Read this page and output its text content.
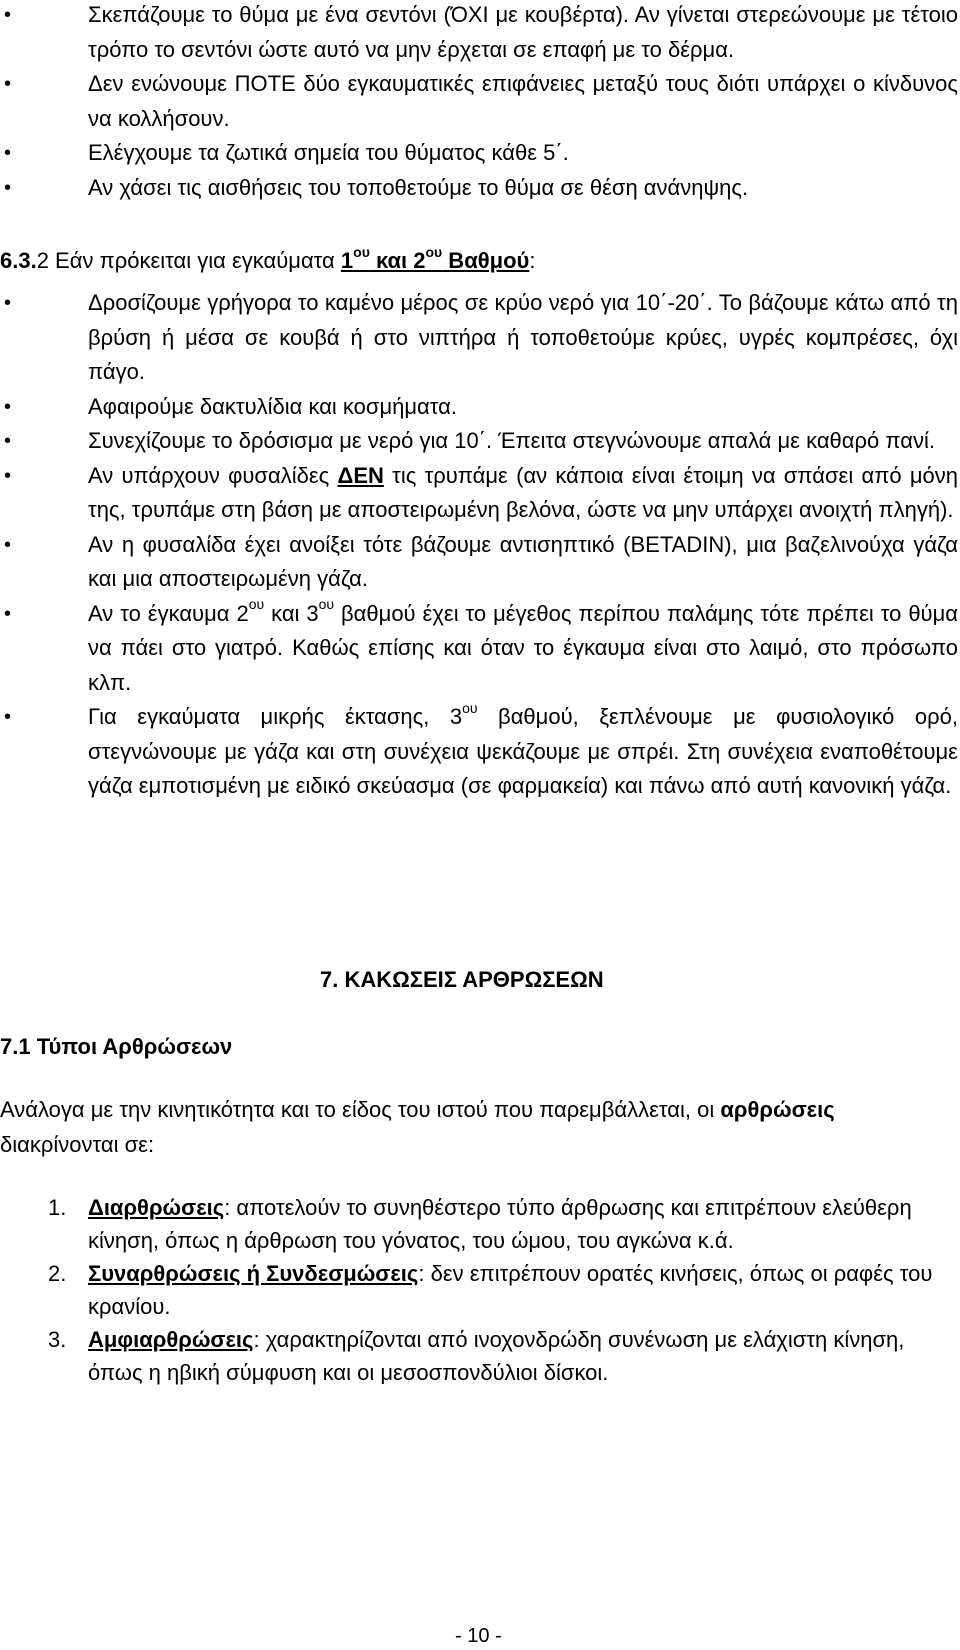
• Σκεπάζουμε το θύμα με ένα σεντόνι (ΌΧΙ με κουβέρτα). Αν γίνεται στερεώνουμε με τέτοιο τρόπο το σεντόνι ώστε αυτό να μην έρχεται σε επαφή με το δέρμα.
• Δεν ενώνουμε ΠΟΤΕ δύο εγκαυματικές επιφάνειες μεταξύ τους διότι υπάρχει ο κίνδυνος να κολλήσουν.
• Ελέγχουμε τα ζωτικά σημεία του θύματος κάθε 5΄.
• Αν χάσει τις αισθήσεις του τοποθετούμε το θύμα σε θέση ανάνηψης.

6.3.2 Εάν πρόκειται για εγκαύματα $1^{o\upsilon}$ και $2^{o\upsilon}$ Βαθμού:

• Δροσίζουμε γρήγορα το καμένο μέρος σε κρύο νερό για 10΄-20΄. Το βάζουμε κάτω από τη βρύση ή μέσα σε κουβά ή στο νιπτήρα ή τοποθετούμε κρύες, υγρές κομπρέσες, όχι πάγο.
• Αφαιρούμε δακτυλίδια και κοσμήματα.
• Συνεχίζουμε το δρόσισμα με νερό για 10΄. Έπειτα στεγνώνουμε απαλά με καθαρό πανί.
• Αν υπάρχουν φυσαλίδες ΔΕΝ τις τρυπάμε (αν κάποια είναι έτοιμη να σπάσει από μόνη της, τρυπάμε στη βάση με αποστειρωμένη βελόνα, ώστε να μην υπάρχει ανοιχτή πληγή).
• Αν η φυσαλίδα έχει ανοίξει τότε βάζουμε αντισηπτικό (BETADIN), μια βαζελινούχα γάζα και μια αποστειρωμένη γάζα.
• Αν το έγκαυμα $2^{o\upsilon}$ και $3^{o\upsilon}$ βαθμού έχει το μέγεθος περίπου παλάμης τότε πρέπει το θύμα να πάει στο γιατρό. Καθώς επίσης και όταν το έγκαυμα είναι στο λαιμό, στο πρόσωπο κλπ.
• Για εγκαύματα μικρής έκτασης, $3^{o\upsilon}$ βαθμού, ξεπλένουμε με φυσιολογικό ορό, στεγνώνουμε με γάζα και στη συνέχεια ψεκάζουμε με σπρέι. Στη συνέχεια εναποθέτουμε γάζα εμποτισμένη με ειδικό σκεύασμα (σε φαρμακεία) και πάνω από αυτή κανονική γάζα.
7. ΚΑΚΩΣΕΙΣ ΑΡΘΡΩΣΕΩΝ
7.1 Τύποι Αρθρώσεων

Ανάλογα με την κινητικότητα και το είδος του ιστού που παρεμβάλλεται, οι αρθρώσεις διακρίνονται σε:

1. Διαρθρώσεις: αποτελούν το συνηθέστερο τύπο άρθρωσης και επιτρέπουν ελεύθερη κίνηση, όπως η άρθρωση του γόνατος, του ώμου, του αγκώνα κ.ά.
2. Συναρθρώσεις ή Συνδεσμώσεις: δεν επιτρέπουν ορατές κινήσεις, όπως οι ραφές του κρανίου.
3. Αμφιαρθρώσεις: χαρακτηρίζονται από ινοχονδρώδη συνένωση με ελάχιστη κίνηση, όπως η ηβική σύμφυση και οι μεσοσπονδύλιοι δίσκοι.
- 10 -
